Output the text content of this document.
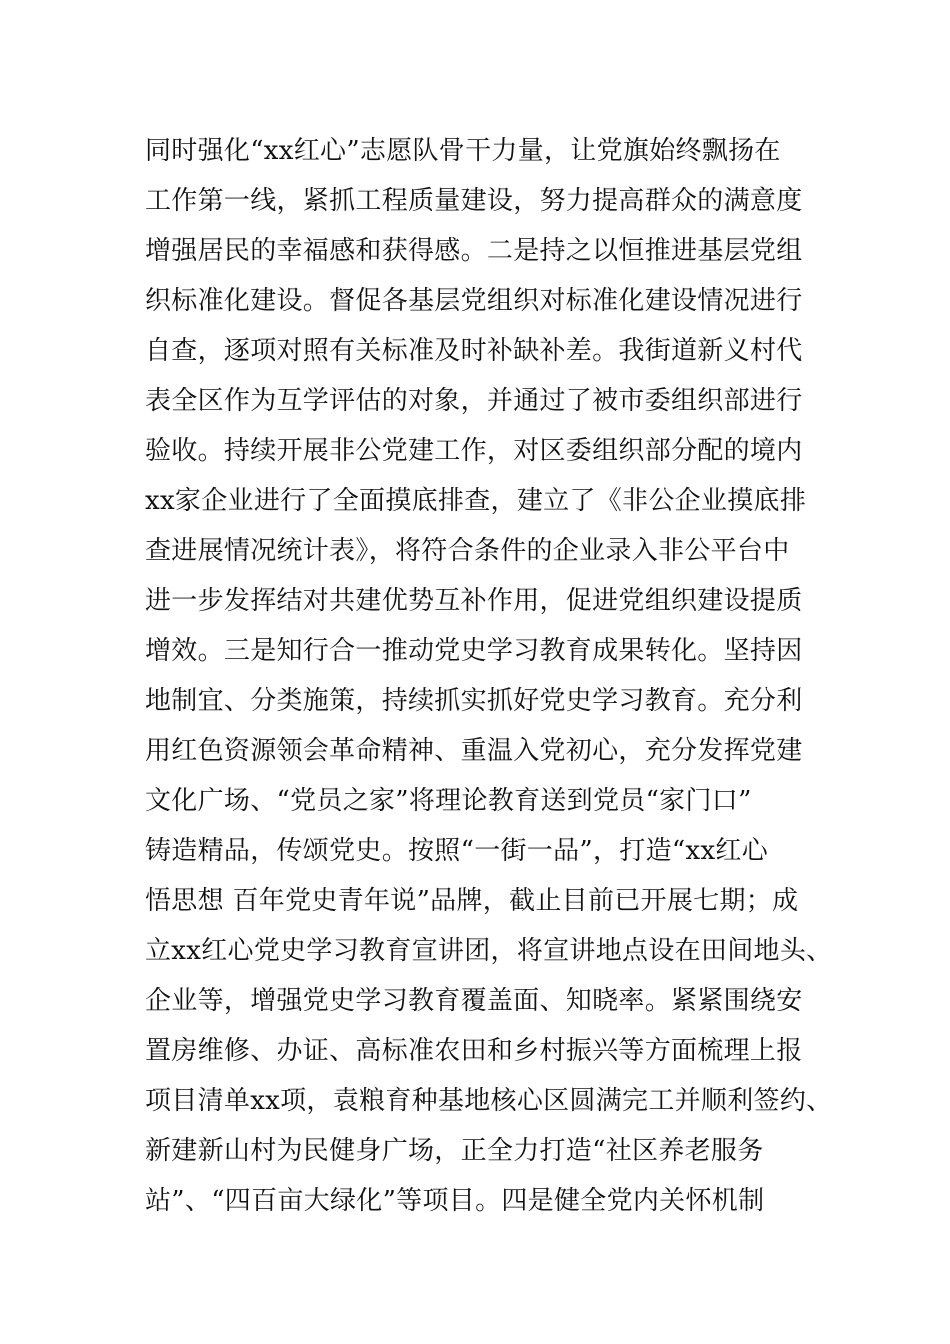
同时强化“xx红心”志愿队骨干力量，让党旗始终飘扬在
工作第一线，紧抓工程质量建设，努力提高群众的满意度
增强居民的幸福感和获得感。二是持之以恒推进基层党组
织标准化建设。督促各基层党组织对标准化建设情况进行
自查，逐项对照有关标准及时补缺补差。我街道新义村代
表全区作为互学评估的对象，并通过了被市委组织部进行
验收。持续开展非公党建工作，对区委组织部分配的境内
xx家企业进行了全面摸底排查，建立了《非公企业摸底排
查进展情况统计表》，将符合条件的企业录入非公平台中
进一步发挥结对共建优势互补作用，促进党组织建设提质
增效。三是知行合一推动党史学习教育成果转化。坚持因
地制宜、分类施策，持续抓实抓好党史学习教育。充分利
用红色资源领会革命精神、重温入党初心，充分发挥党建
文化广场、“党员之家”将理论教育送到党员“家门口”
铸造精品，传颂党史。按照“一街一品”，打造“xx红心
悟思想 百年党史青年说”品牌，截止目前已开展七期；成
立xx红心党史学习教育宣讲团，将宣讲地点设在田间地头、
企业等，增强党史学习教育覆盖面、知晓率。紧紧围绕安
置房维修、办证、高标准农田和乡村振兴等方面梳理上报
项目清单xx项，袁粮育种基地核心区圆满完工并顺利签约、
新建新山村为民健身广场，正全力打造“社区养老服务
站”、“四百亩大绿化”等项目。四是健全党内关怀机制
